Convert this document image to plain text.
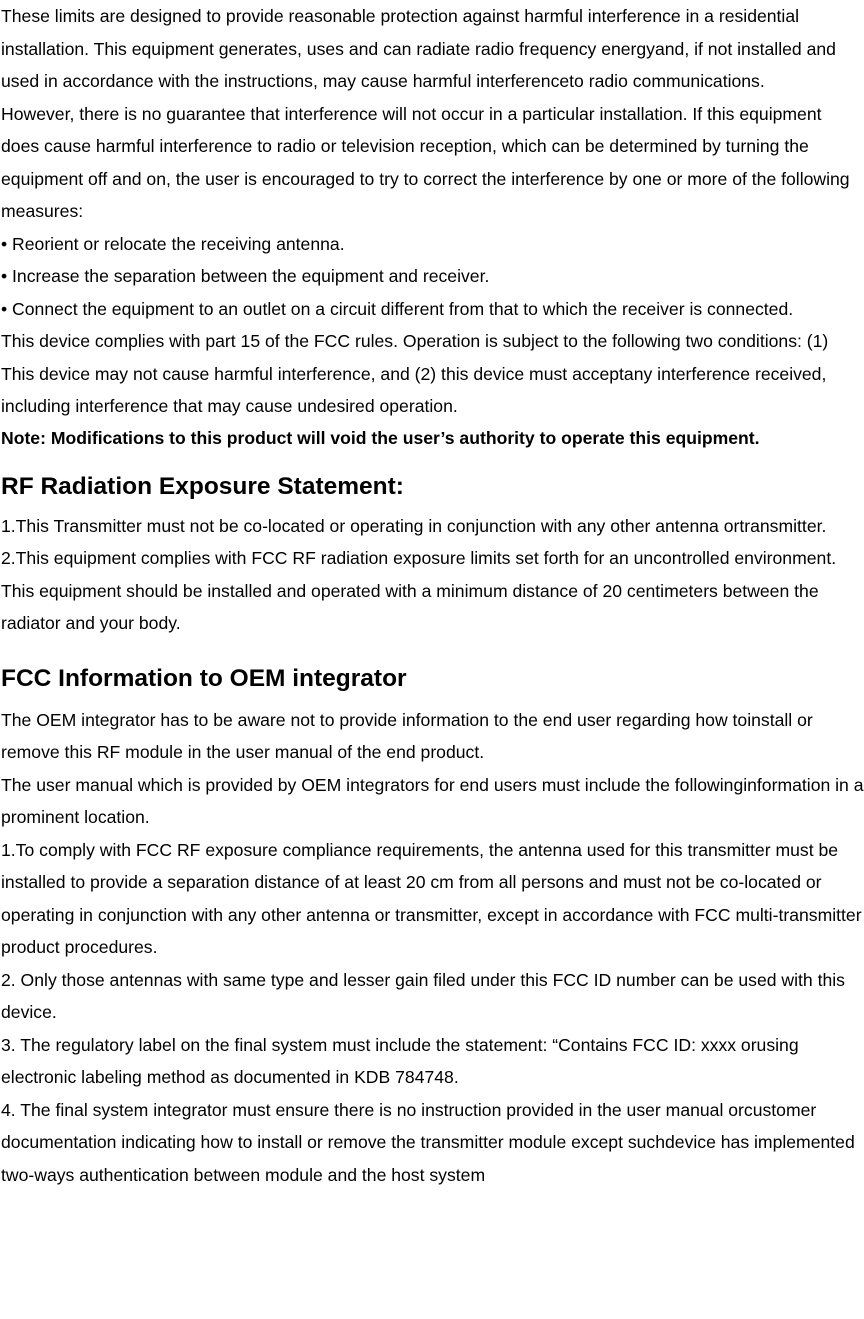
These limits are designed to provide reasonable protection against harmful interference in a residential installation. This equipment generates, uses and can radiate radio frequency energyand, if not installed and used in accordance with the instructions, may cause harmful interferenceto radio communications.

However, there is no guarantee that interference will not occur in a particular installation. If this equipment does cause harmful interference to radio or television reception, which can be determined by turning the equipment off and on, the user is encouraged to try to correct the interference by one or more of the following measures:

• Reorient or relocate the receiving antenna.

• Increase the separation between the equipment and receiver.

• Connect the equipment to an outlet on a circuit different from that to which the receiver is connected.

This device complies with part 15 of the FCC rules. Operation is subject to the following two conditions: (1) This device may not cause harmful interference, and (2) this device must acceptany interference received, including interference that may cause undesired operation.

Note: Modifications to this product will void the user’s authority to operate this equipment.

RF Radiation Exposure Statement:

1.This Transmitter must not be co‐located or operating in conjunction with any other antenna ortransmitter.

2.This equipment complies with FCC RF radiation exposure limits set forth for an uncontrolled environment. This equipment should be installed and operated with a minimum distance of 20 centimeters between the radiator and your body.

FCC Information to OEM integrator

The OEM integrator has to be aware not to provide information to the end user regarding how toinstall or remove this RF module in the user manual of the end product.

The user manual which is provided by OEM integrators for end users must include the followinginformation in a prominent location.

1.To comply with FCC RF exposure compliance requirements, the antenna used for this transmitter must be installed to provide a separation distance of at least 20 cm from all persons and must not be co‐located or operating in conjunction with any other antenna or transmitter, except in accordance with FCC multi‐transmitter product procedures.

2. Only those antennas with same type and lesser gain filed under this FCC ID number can be used with this device.

3. The regulatory label on the final system must include the statement: “Contains FCC ID: xxxx orusing electronic labeling method as documented in KDB 784748.

4. The final system integrator must ensure there is no instruction provided in the user manual orcustomer documentation indicating how to install or remove the transmitter module except suchdevice has implemented two‐ways authentication between module and the host system
